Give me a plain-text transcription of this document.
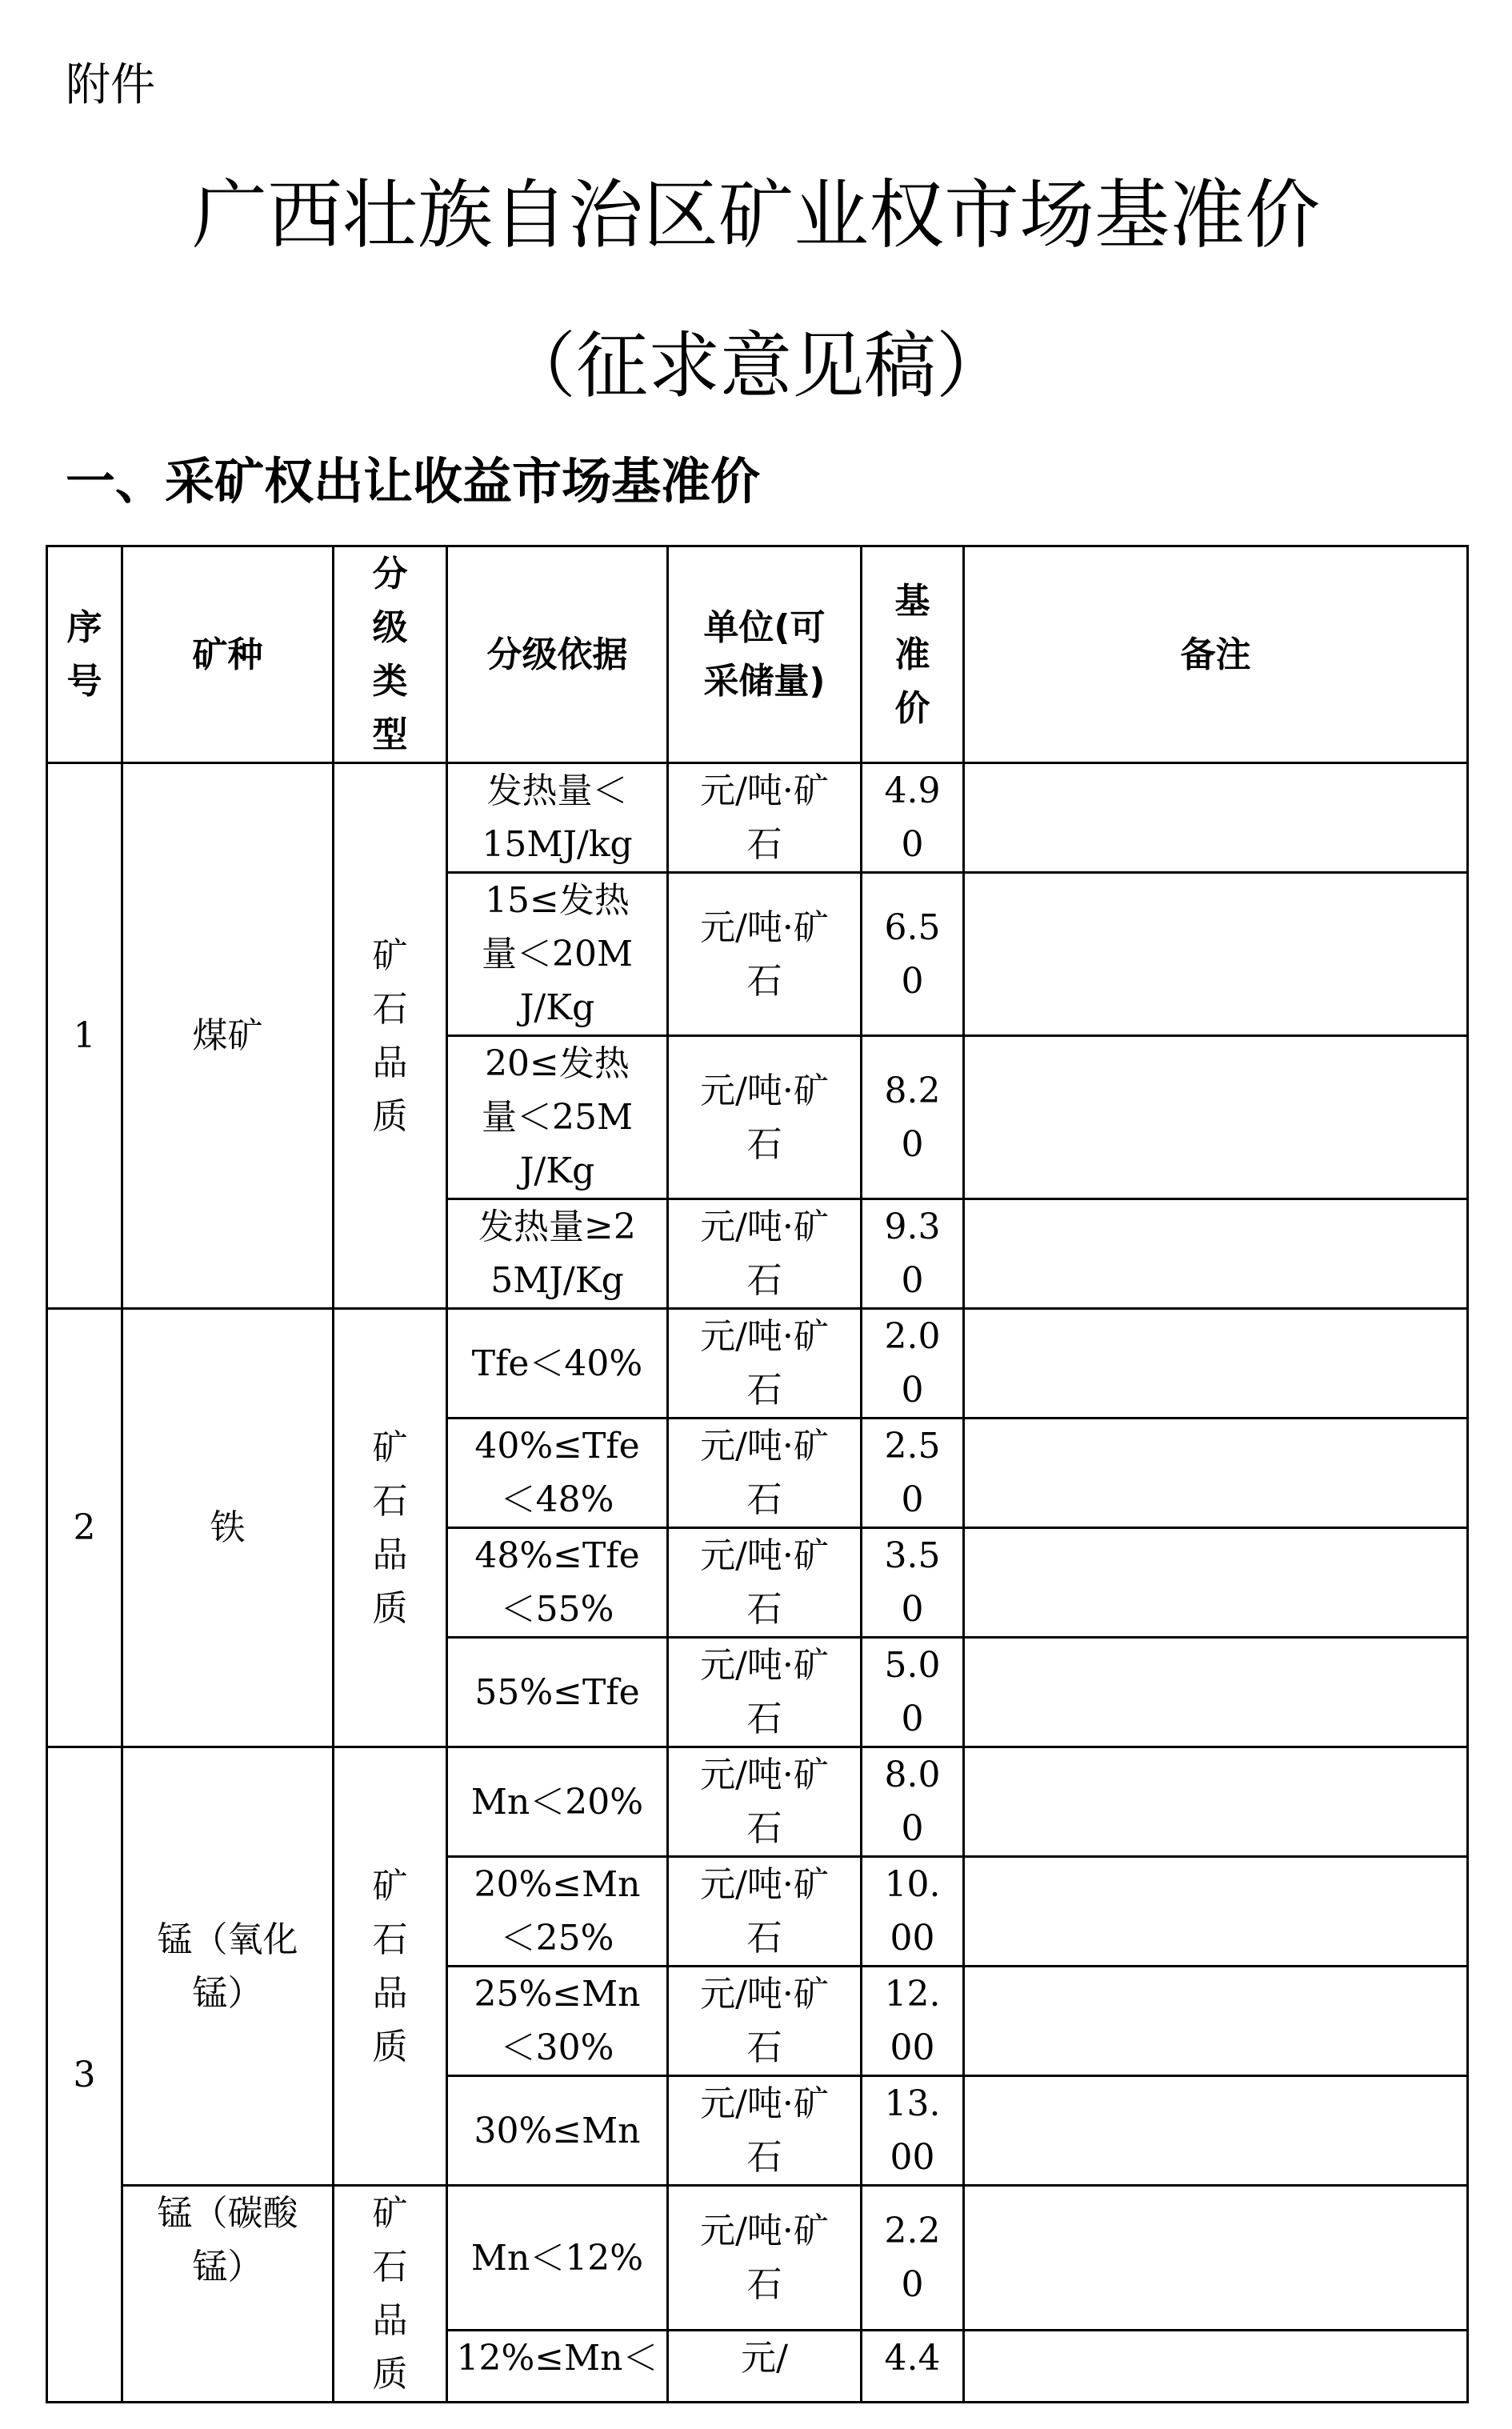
附件
广西壮族自治区矿业权市场基准价
（征求意见稿）
一、采矿权出让收益市场基准价
序号	矿种	分级类型	分级依据	单位(可采储量)	基准价	备注
1	煤矿	矿石品质	发热量＜15MJ/kg	元/吨·矿石	4.90	
			15≤发热量＜20MJ/Kg	元/吨·矿石	6.50	
			20≤发热量＜25MJ/Kg	元/吨·矿石	8.20	
			发热量≥25MJ/Kg	元/吨·矿石	9.30	
2	铁	矿石品质	Tfe＜40%	元/吨·矿石	2.00	
			40%≤Tfe＜48%	元/吨·矿石	2.50	
			48%≤Tfe＜55%	元/吨·矿石	3.50	
			55%≤Tfe	元/吨·矿石	5.00	
3	锰（氧化锰）	矿石品质	Mn＜20%	元/吨·矿石	8.00	
			20%≤Mn＜25%	元/吨·矿石	10.00	
			25%≤Mn＜30%	元/吨·矿石	12.00	
			30%≤Mn	元/吨·矿石	13.00	
	锰（碳酸锰）	矿石品质	Mn＜12%	元/吨·矿石	2.20	

			12%≤Mn＜	元/	4.4	
